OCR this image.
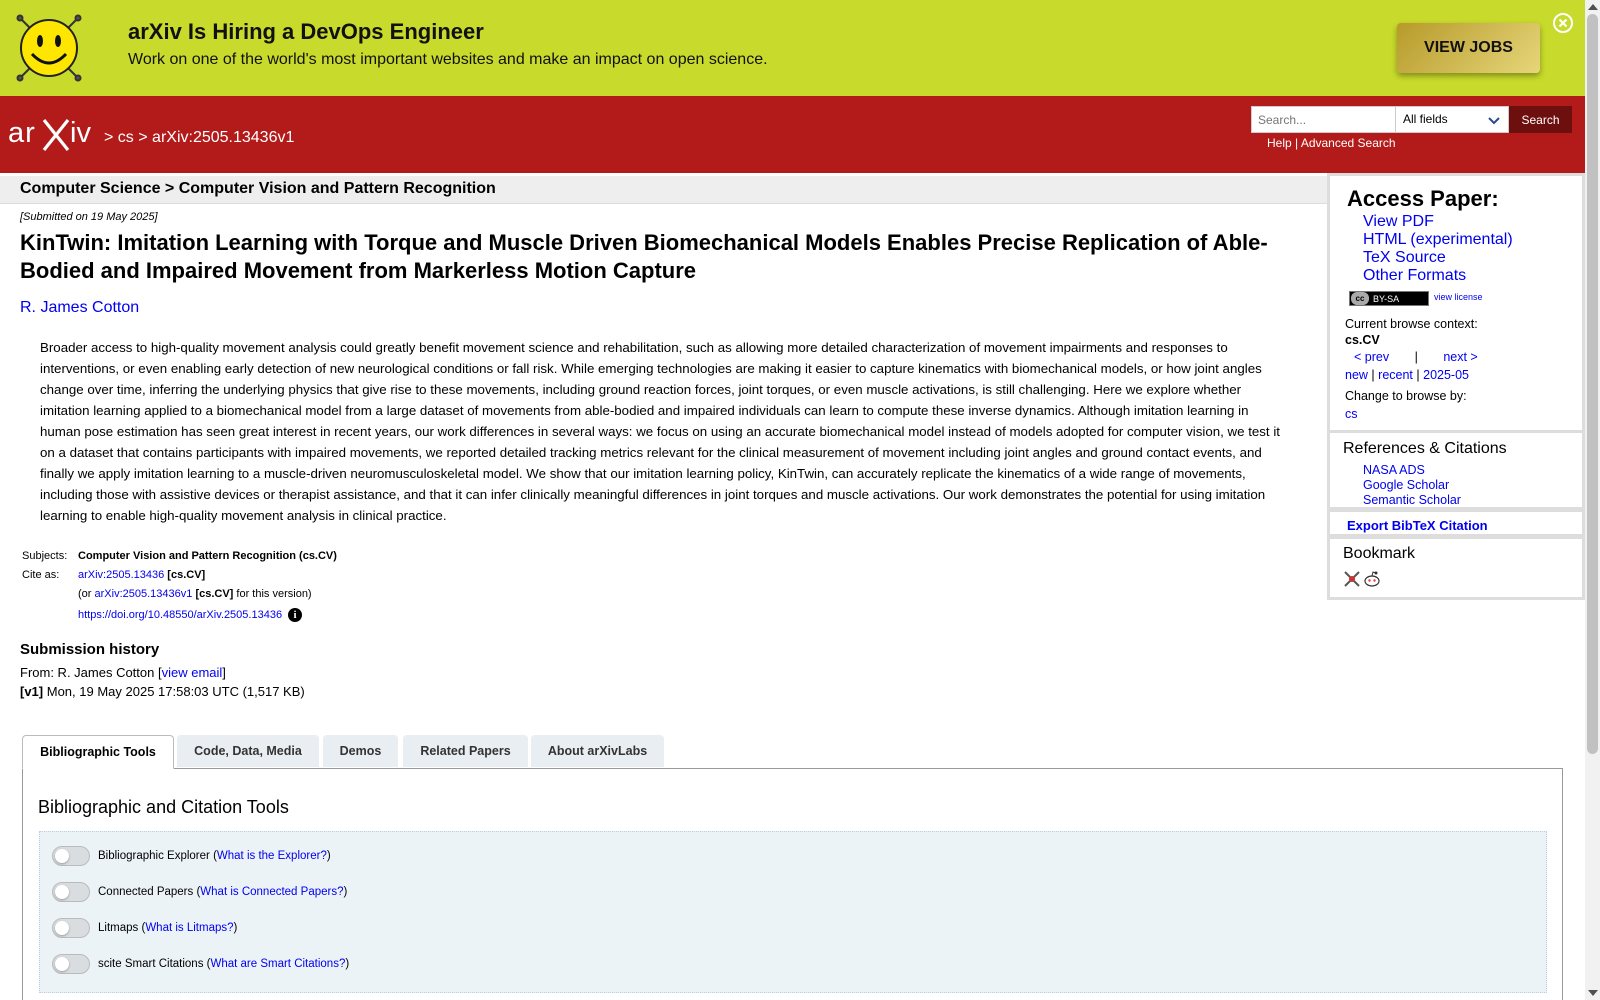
arXiv Is Hiring a DevOps Engineer
Work on one of the world's most important websites and make an impact on open science.
VIEW JOBS
ar iv > cs > arXiv:2505.13436v1
Search...
All fields	Search
Help | Advanced Search
Computer Science > Computer Vision and Pattern Recognition
[Submitted on 19 May 2025]
KinTwin: Imitation Learning with Torque and Muscle Driven Biomechanical Models Enables Precise Replication of Able-Bodied and Impaired Movement from Markerless Motion Capture
R. James Cotton
Broader access to high-quality movement analysis could greatly benefit movement science and rehabilitation, such as allowing more detailed characterization of movement impairments and responses to interventions, or even enabling early detection of new neurological conditions or fall risk. While emerging technologies are making it easier to capture kinematics with biomechanical models, or how joint angles change over time, inferring the underlying physics that give rise to these movements, including ground reaction forces, joint torques, or even muscle activations, is still challenging. Here we explore whether imitation learning applied to a biomechanical model from a large dataset of movements from able-bodied and impaired individuals can learn to compute these inverse dynamics. Although imitation learning in human pose estimation has seen great interest in recent years, our work differences in several ways: we focus on using an accurate biomechanical model instead of models adopted for computer vision, we test it on a dataset that contains participants with impaired movements, we reported detailed tracking metrics relevant for the clinical measurement of movement including joint angles and ground contact events, and finally we apply imitation learning to a muscle-driven neuromusculoskeletal model. We show that our imitation learning policy, KinTwin, can accurately replicate the kinematics of a wide range of movements, including those with assistive devices or therapist assistance, and that it can infer clinically meaningful differences in joint torques and muscle activations. Our work demonstrates the potential for using imitation learning to enable high-quality movement analysis in clinical practice.
Subjects: Computer Vision and Pattern Recognition (cs.CV)
Cite as: arXiv:2505.13436 [cs.CV]
(or arXiv:2505.13436v1 [cs.CV] for this version)
https://doi.org/10.48550/arXiv.2505.13436 i
Submission history
From: R. James Cotton [view email]
[v1] Mon, 19 May 2025 17:58:03 UTC (1,517 KB)
Bibliographic Tools	Code, Data, Media	Demos	Related Papers	About arXivLabs
Bibliographic and Citation Tools
Bibliographic Explorer ( What is the Explorer? )
Connected Papers ( What is Connected Papers? )
Litmaps ( What is Litmaps? )
scite Smart Citations ( What are Smart Citations? )
Access Paper:
View PDF
HTML (experimental)
TeX Source
Other Formats
cc BY-SA	view license
Current browse context:
cs.CV
< prev | next >
new | recent | 2025-05
Change to browse by:
cs
References & Citations
NASA ADS
Google Scholar
Semantic Scholar
Export BibTeX Citation
Bookmark
